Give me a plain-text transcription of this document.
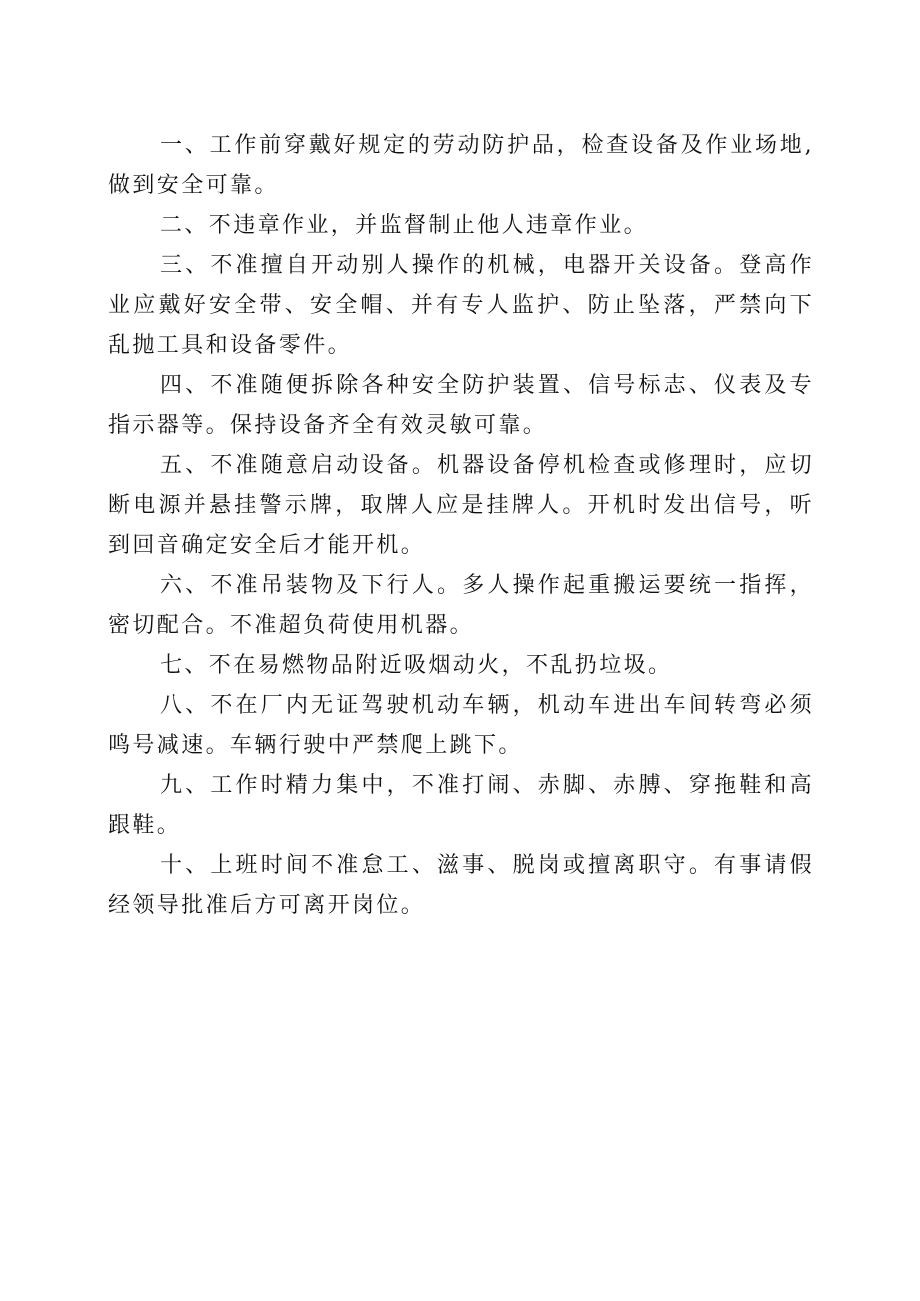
一、工作前穿戴好规定的劳动防护品，检查设备及作业场地,做到安全可靠。

二、不违章作业，并监督制止他人违章作业。

三、不准擅自开动别人操作的机械，电器开关设备。登高作业应戴好安全带、安全帽、并有专人监护、防止坠落，严禁向下乱抛工具和设备零件。

四、不准随便拆除各种安全防护装置、信号标志、仪表及专指示器等。保持设备齐全有效灵敏可靠。

五、不准随意启动设备。机器设备停机检查或修理时，应切断电源并悬挂警示牌，取牌人应是挂牌人。开机时发出信号，听到回音确定安全后才能开机。

六、不准吊装物及下行人。多人操作起重搬运要统一指挥，密切配合。不准超负荷使用机器。

七、不在易燃物品附近吸烟动火，不乱扔垃圾。

八、不在厂内无证驾驶机动车辆，机动车进出车间转弯必须鸣号减速。车辆行驶中严禁爬上跳下。

九、工作时精力集中，不准打闹、赤脚、赤膊、穿拖鞋和高跟鞋。

十、上班时间不准怠工、滋事、脱岗或擅离职守。有事请假经领导批准后方可离开岗位。
